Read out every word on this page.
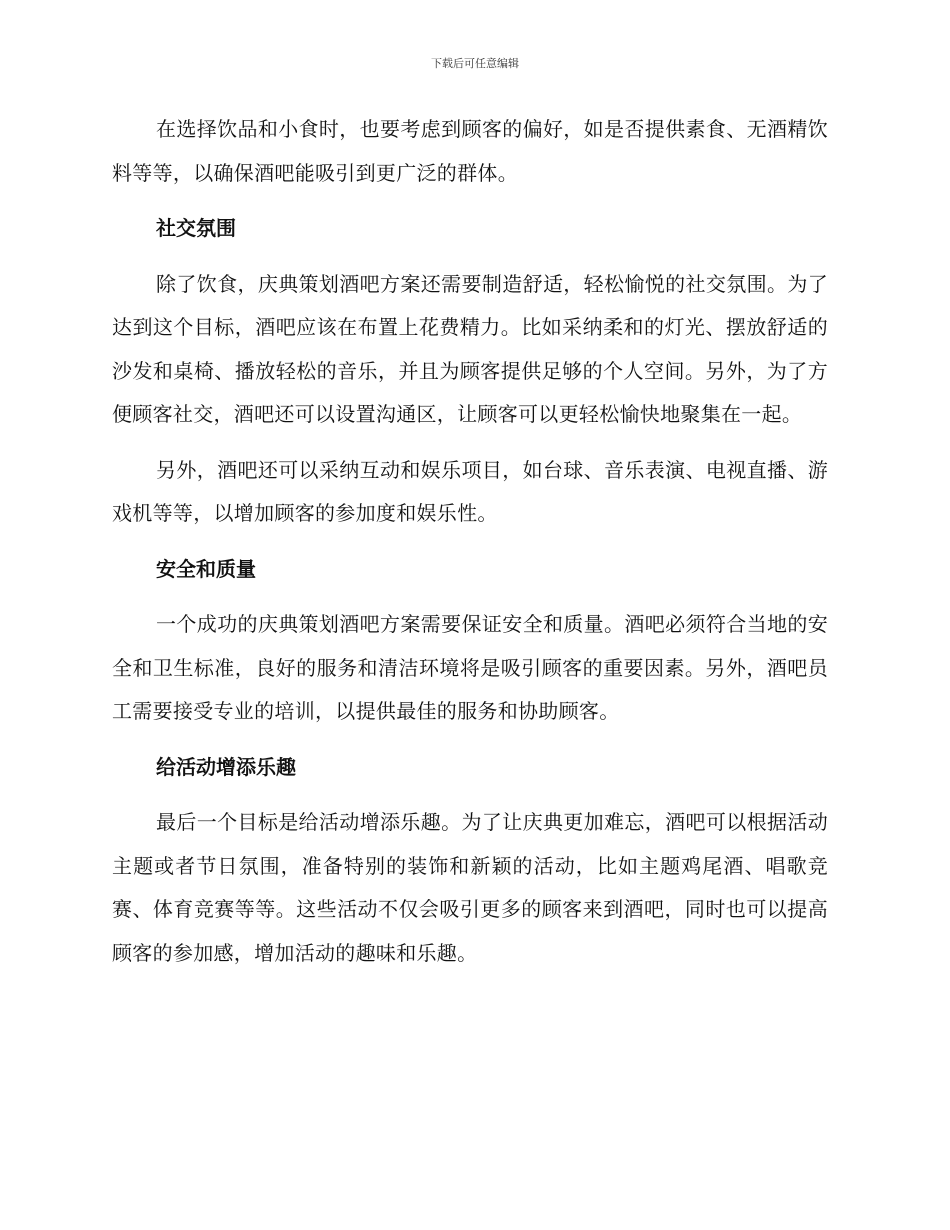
下载后可任意编辑

在选择饮品和小食时，也要考虑到顾客的偏好，如是否提供素食、无酒精饮料等等，以确保酒吧能吸引到更广泛的群体。

社交氛围

除了饮食，庆典策划酒吧方案还需要制造舒适，轻松愉悦的社交氛围。为了达到这个目标，酒吧应该在布置上花费精力。比如采纳柔和的灯光、摆放舒适的沙发和桌椅、播放轻松的音乐，并且为顾客提供足够的个人空间。另外，为了方便顾客社交，酒吧还可以设置沟通区，让顾客可以更轻松愉快地聚集在一起。

另外，酒吧还可以采纳互动和娱乐项目，如台球、音乐表演、电视直播、游戏机等等，以增加顾客的参加度和娱乐性。

安全和质量

一个成功的庆典策划酒吧方案需要保证安全和质量。酒吧必须符合当地的安全和卫生标准，良好的服务和清洁环境将是吸引顾客的重要因素。另外，酒吧员工需要接受专业的培训，以提供最佳的服务和协助顾客。

给活动增添乐趣

最后一个目标是给活动增添乐趣。为了让庆典更加难忘，酒吧可以根据活动主题或者节日氛围，准备特别的装饰和新颖的活动，比如主题鸡尾酒、唱歌竞赛、体育竞赛等等。这些活动不仅会吸引更多的顾客来到酒吧，同时也可以提高顾客的参加感，增加活动的趣味和乐趣。
